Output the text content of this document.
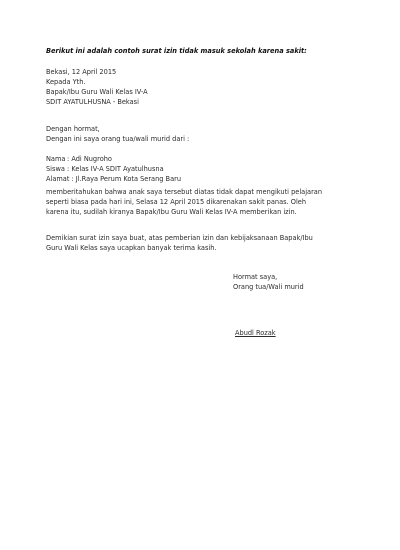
Berikut ini adalah contoh surat izin tidak masuk sekolah karena sakit:
Bekasi, 12 April 2015
Kepada Yth.
Bapak/Ibu Guru Wali Kelas IV-A
SDIT AYATULHUSNA - Bekasi
Dengan hormat,
Dengan ini saya orang tua/wali murid dari :
Nama : Adi Nugroho
Siswa : Kelas IV-A SDIT Ayatulhusna
Alamat : Jl.Raya Perum Kota Serang Baru
memberitahukan bahwa anak saya tersebut diatas tidak dapat mengikuti pelajaran
seperti biasa pada hari ini, Selasa 12 April 2015 dikarenakan sakit panas. Oleh
karena itu, sudilah kiranya Bapak/Ibu Guru Wali Kelas IV-A memberikan izin.
Demikian surat izin saya buat, atas pemberian izin dan kebijaksanaan Bapak/Ibu
Guru Wali Kelas saya ucapkan banyak terima kasih.
Hormat saya,
Orang tua/Wali murid
Abudl Rozak
